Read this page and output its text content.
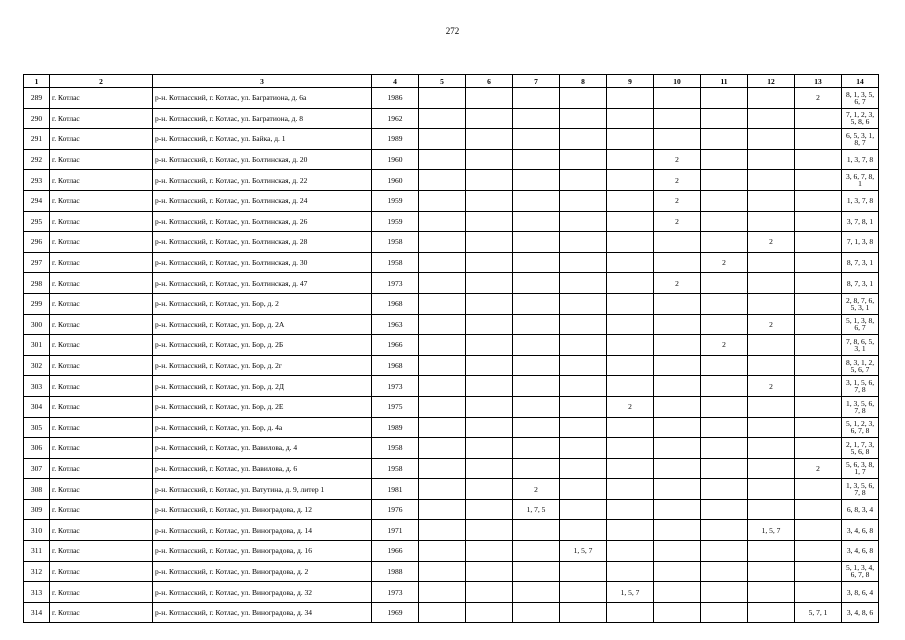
272
1	2	3	4	5	6	7	8	9	10	11	12	13	14
289	г. Котлас	р-н. Котласский, г. Котлас, ул. Багратиона, д. 6а	1986									2	8, 1, 3, 5, 6, 7
290	г. Котлас	р-н. Котласский, г. Котлас, ул. Багратиона, д. 8	1962										7, 1, 2, 3, 5, 8, 6
291	г. Котлас	р-н. Котласский, г. Котлас, ул. Байка, д. 1	1989										6, 5, 3, 1, 8, 7
292	г. Котлас	р-н. Котласский, г. Котлас, ул. Болтинская, д. 20	1960						2				1, 3, 7, 8
293	г. Котлас	р-н. Котласский, г. Котлас, ул. Болтинская, д. 22	1960						2				3, 6, 7, 8, 1
294	г. Котлас	р-н. Котласский, г. Котлас, ул. Болтинская, д. 24	1959						2				1, 3, 7, 8
295	г. Котлас	р-н. Котласский, г. Котлас, ул. Болтинская, д. 26	1959						2				3, 7, 8, 1
296	г. Котлас	р-н. Котласский, г. Котлас, ул. Болтинская, д. 28	1958								2		7, 1, 3, 8
297	г. Котлас	р-н. Котласский, г. Котлас, ул. Болтинская, д. 30	1958							2			8, 7, 3, 1
298	г. Котлас	р-н. Котласский, г. Котлас, ул. Болтинская, д. 47	1973						2				8, 7, 3, 1
299	г. Котлас	р-н. Котласский, г. Котлас, ул. Бор, д. 2	1968										2, 8, 7, 6, 5, 3, 1
300	г. Котлас	р-н. Котласский, г. Котлас, ул. Бор, д. 2А	1963								2		5, 1, 3, 8, 6, 7
301	г. Котлас	р-н. Котласский, г. Котлас, ул. Бор, д. 2Б	1966							2			7, 8, 6, 5, 3, 1
302	г. Котлас	р-н. Котласский, г. Котлас, ул. Бор, д. 2г	1968										8, 3, 1, 2, 5, 6, 7
303	г. Котлас	р-н. Котласский, г. Котлас, ул. Бор, д. 2Д	1973								2		3, 1, 5, 6, 7, 8
304	г. Котлас	р-н. Котласский, г. Котлас, ул. Бор, д. 2Е	1975					2					1, 3, 5, 6, 7, 8
305	г. Котлас	р-н. Котласский, г. Котлас, ул. Бор, д. 4а	1989										5, 1, 2, 3, 6, 7, 8
306	г. Котлас	р-н. Котласский, г. Котлас, ул. Вавилова, д. 4	1958										2, 1, 7, 3, 5, 6, 8
307	г. Котлас	р-н. Котласский, г. Котлас, ул. Вавилова, д. 6	1958									2	5, 6, 3, 8, 1, 7
308	г. Котлас	р-н. Котласский, г. Котлас, ул. Ватутина, д. 9, литер 1	1981			2							1, 3, 5, 6, 7, 8
309	г. Котлас	р-н. Котласский, г. Котлас, ул. Виноградова, д. 12	1976			1, 7, 5							6, 8, 3, 4
310	г. Котлас	р-н. Котласский, г. Котлас, ул. Виноградова, д. 14	1971								1, 5, 7		3, 4, 6, 8
311	г. Котлас	р-н. Котласский, г. Котлас, ул. Виноградова, д. 16	1966				1, 5, 7						3, 4, 6, 8
312	г. Котлас	р-н. Котласский, г. Котлас, ул. Виноградова, д. 2	1988										5, 1, 3, 4, 6, 7, 8
313	г. Котлас	р-н. Котласский, г. Котлас, ул. Виноградова, д. 32	1973					1, 5, 7					3, 8, 6, 4
314	г. Котлас	р-н. Котласский, г. Котлас, ул. Виноградова, д. 34	1969									5, 7, 1	3, 4, 8, 6
